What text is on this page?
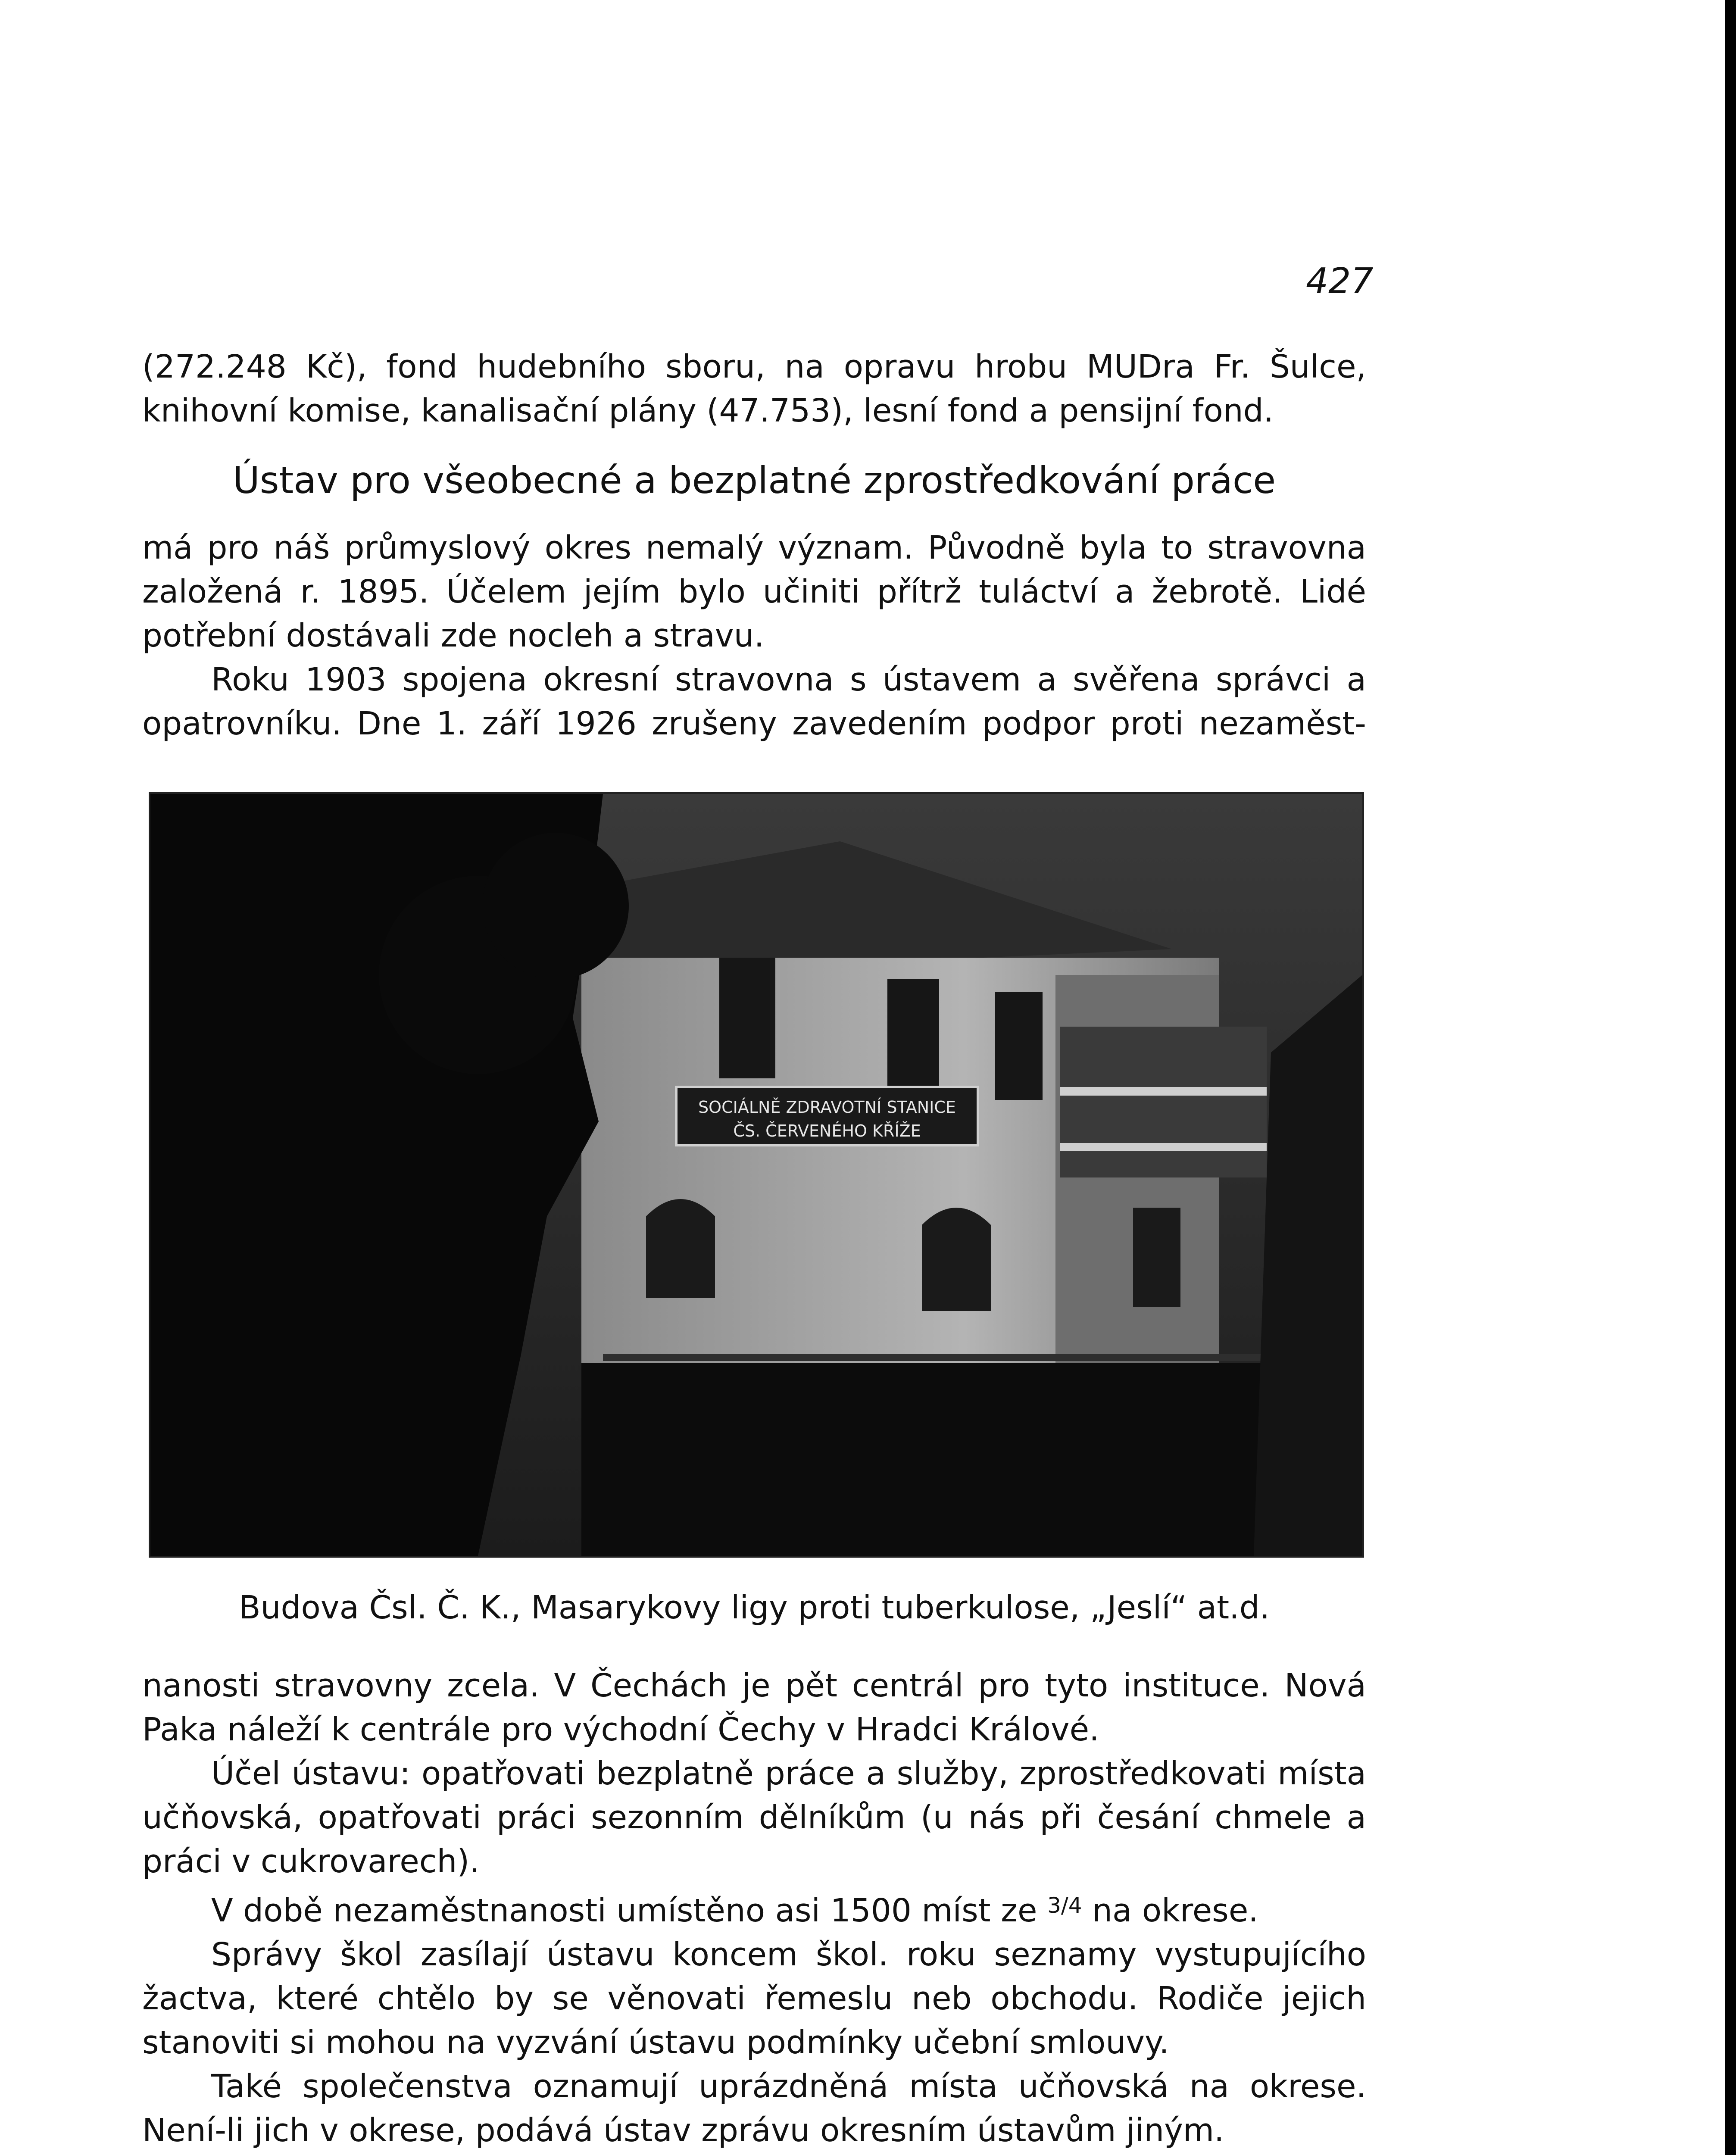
427
(272.248 Kč), fond hudebního sboru, na opravu hrobu MUDra Fr. Šulce,
knihovní komise, kanalisační plány (47.753), lesní fond a pensijní fond.
Ústav pro všeobecné a bezplatné zprostředkování práce

má pro náš průmyslový okres nemalý význam. Původně byla to stravovna založená r. 1895. Účelem jejím bylo učiniti přítrž tuláctví a žebrotě. Lidé potřební dostávali zde nocleh a stravu.

Roku 1903 spojena okresní stravovna s ústavem a svěřena správci a opatrovníku. Dne 1. září 1926 zrušeny zavedením podpor proti nezaměst-

SOCIÁLNĚ ZDRAVOTNÍ STANICE
ČS. ČERVENÉHO KŘÍŽE
Budova Čsl. Č. K., Masarykovy ligy proti tuberkulose, „Jeslí“ at.d.

nanosti stravovny zcela. V Čechách je pět centrál pro tyto instituce. Nová Paka náleží k centrále pro východní Čechy v Hradci Králové.

Účel ústavu: opatřovati bezplatně práce a služby, zprostředkovati místa učňovská, opatřovati práci sezonním dělníkům (u nás při česání chmele a práci v cukrovarech).

V době nezaměstnanosti umístěno asi 1500 míst ze $^{3/4}$ na okrese.

Správy škol zasílají ústavu koncem škol. roku seznamy vystupujícího žactva, které chtělo by se věnovati řemeslu neb obchodu. Rodiče jejich stanoviti si mohou na vyzvání ústavu podmínky učební smlouvy.

Také společenstva oznamují uprázdněná místa učňovská na okrese. Není-li jich v okrese, podává ústav zprávu okresním ústavům jiným.
